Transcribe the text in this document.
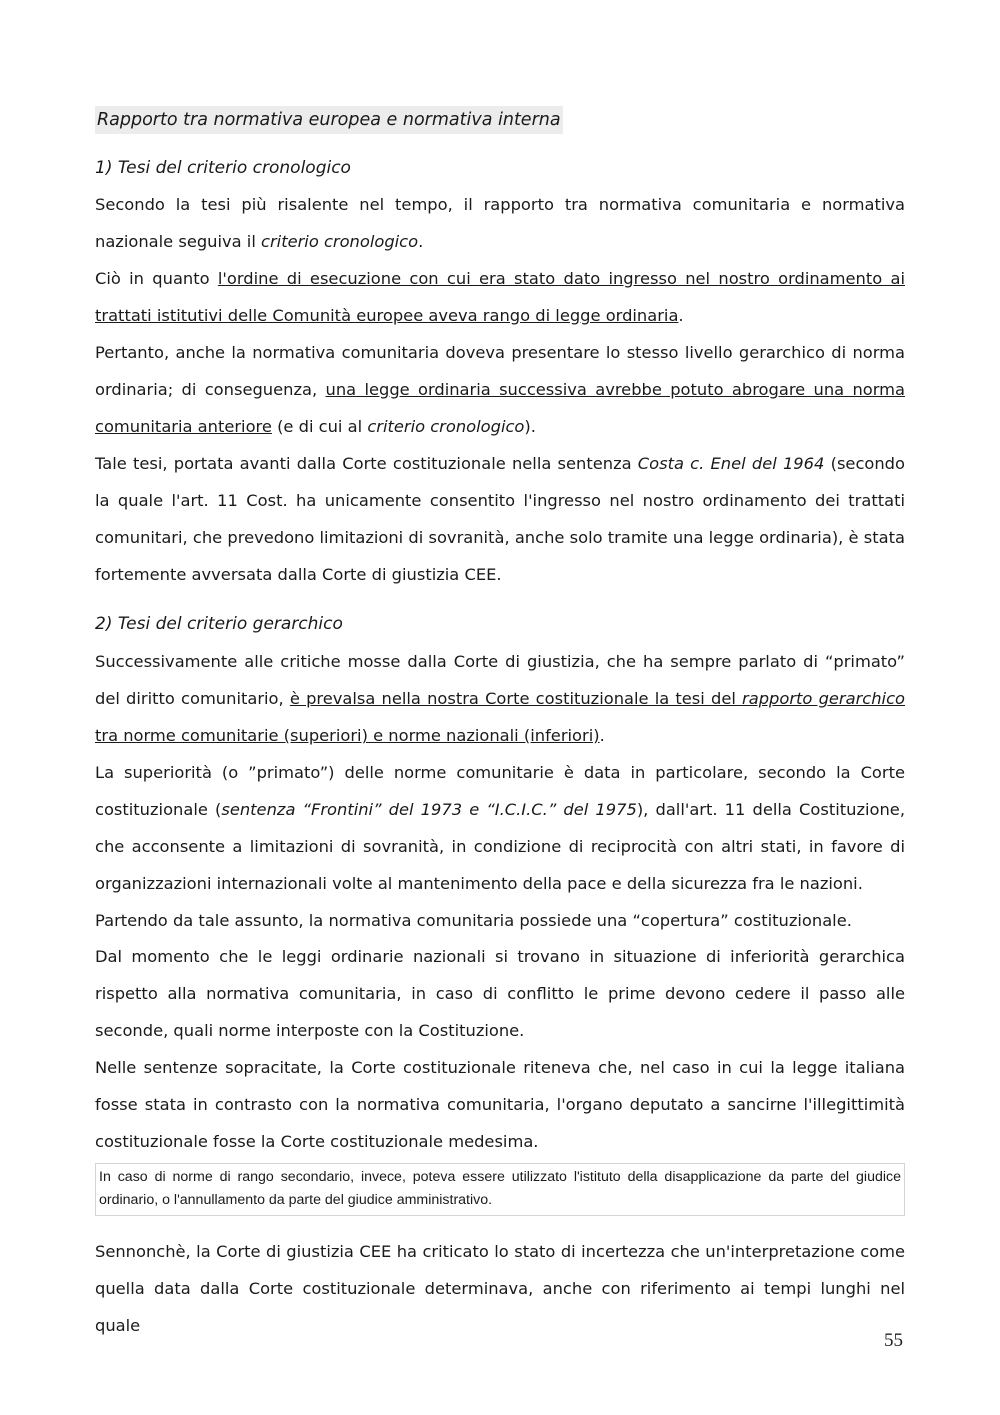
Rapporto tra normativa europea e normativa interna
1) Tesi del criterio cronologico

Secondo la tesi più risalente nel tempo, il rapporto tra normativa comunitaria e normativa nazionale seguiva il criterio cronologico.

Ciò in quanto l'ordine di esecuzione con cui era stato dato ingresso nel nostro ordinamento ai trattati istitutivi delle Comunità europee aveva rango di legge ordinaria.

Pertanto, anche la normativa comunitaria doveva presentare lo stesso livello gerarchico di norma ordinaria; di conseguenza, una legge ordinaria successiva avrebbe potuto abrogare una norma comunitaria anteriore (e di cui al criterio cronologico).

Tale tesi, portata avanti dalla Corte costituzionale nella sentenza Costa c. Enel del 1964 (secondo la quale l'art. 11 Cost. ha unicamente consentito l'ingresso nel nostro ordinamento dei trattati comunitari, che prevedono limitazioni di sovranità, anche solo tramite una legge ordinaria), è stata fortemente avversata dalla Corte di giustizia CEE.

2) Tesi del criterio gerarchico

Successivamente alle critiche mosse dalla Corte di giustizia, che ha sempre parlato di “primato” del diritto comunitario, è prevalsa nella nostra Corte costituzionale la tesi del rapporto gerarchico tra norme comunitarie (superiori) e norme nazionali (inferiori).

La superiorità (o ”primato”) delle norme comunitarie è data in particolare, secondo la Corte costituzionale (sentenza “Frontini” del 1973 e “I.C.I.C.” del 1975), dall'art. 11 della Costituzione, che acconsente a limitazioni di sovranità, in condizione di reciprocità con altri stati, in favore di organizzazioni internazionali volte al mantenimento della pace e della sicurezza fra le nazioni.

Partendo da tale assunto, la normativa comunitaria possiede una “copertura” costituzionale.

Dal momento che le leggi ordinarie nazionali si trovano in situazione di inferiorità gerarchica rispetto alla normativa comunitaria, in caso di conflitto le prime devono cedere il passo alle seconde, quali norme interposte con la Costituzione.

Nelle sentenze sopracitate, la Corte costituzionale riteneva che, nel caso in cui la legge italiana fosse stata in contrasto con la normativa comunitaria, l'organo deputato a sancirne l'illegittimità costituzionale fosse la Corte costituzionale medesima.

In caso di norme di rango secondario, invece, poteva essere utilizzato l'istituto della disapplicazione da parte del giudice ordinario, o l'annullamento da parte del giudice amministrativo.

Sennonchè, la Corte di giustizia CEE ha criticato lo stato di incertezza che un'interpretazione come quella data dalla Corte costituzionale determinava, anche con riferimento ai tempi lunghi nel quale

55
